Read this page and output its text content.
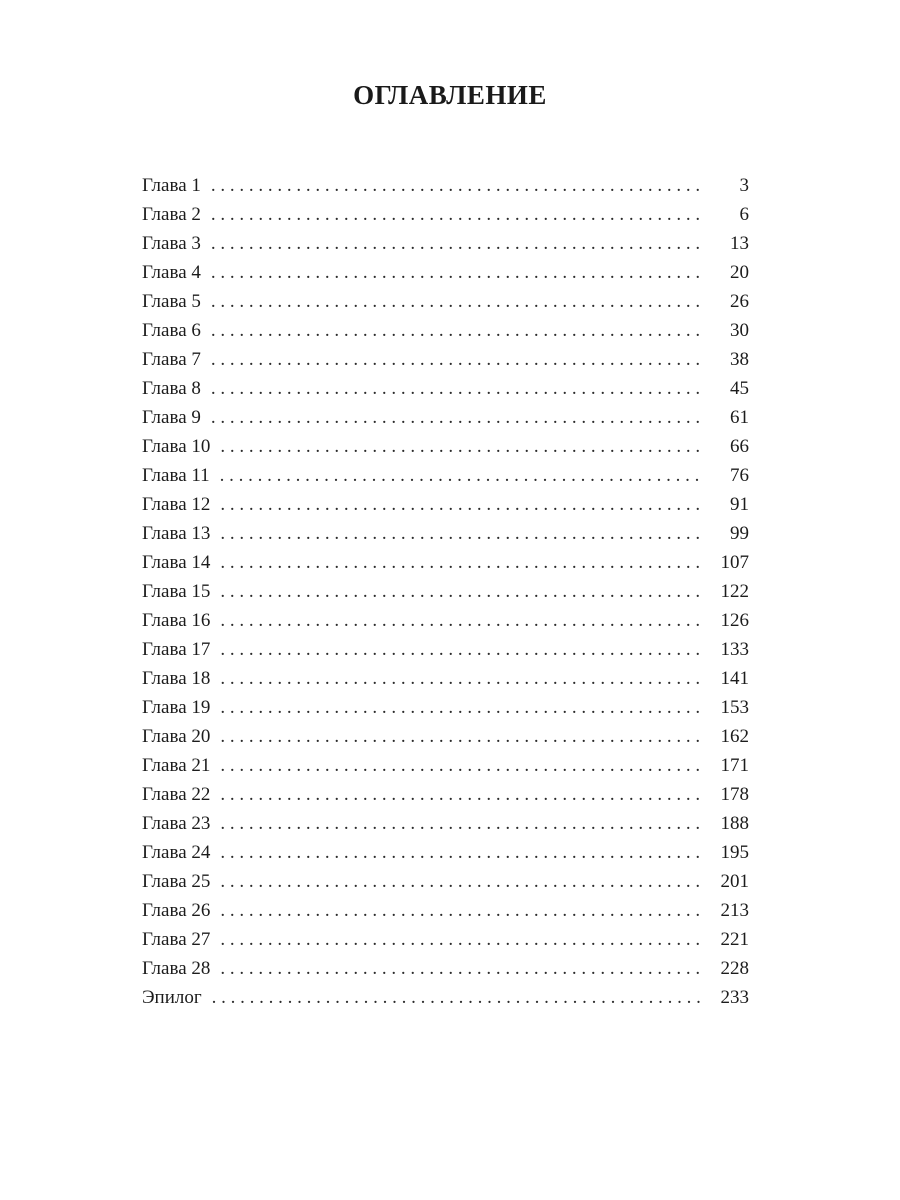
ОГЛАВЛЕНИЕ
Глава 1 . . .	3
Глава 2 . . .	6
Глава 3 . . .	13
Глава 4 . . .	20
Глава 5 . . .	26
Глава 6 . . .	30
Глава 7 . . .	38
Глава 8 . . .	45
Глава 9 . . .	61
Глава 10 . . .	66
Глава 11 . . .	76
Глава 12 . . .	91
Глава 13 . . .	99
Глава 14 . . .	107
Глава 15 . . .	122
Глава 16 . . .	126
Глава 17 . . .	133
Глава 18 . . .	141
Глава 19 . . .	153
Глава 20 . . .	162
Глава 21 . . .	171
Глава 22 . . .	178
Глава 23 . . .	188
Глава 24 . . .	195
Глава 25 . . .	201
Глава 26 . . .	213
Глава 27 . . .	221
Глава 28 . . .	228
Эпилог . . .	233
